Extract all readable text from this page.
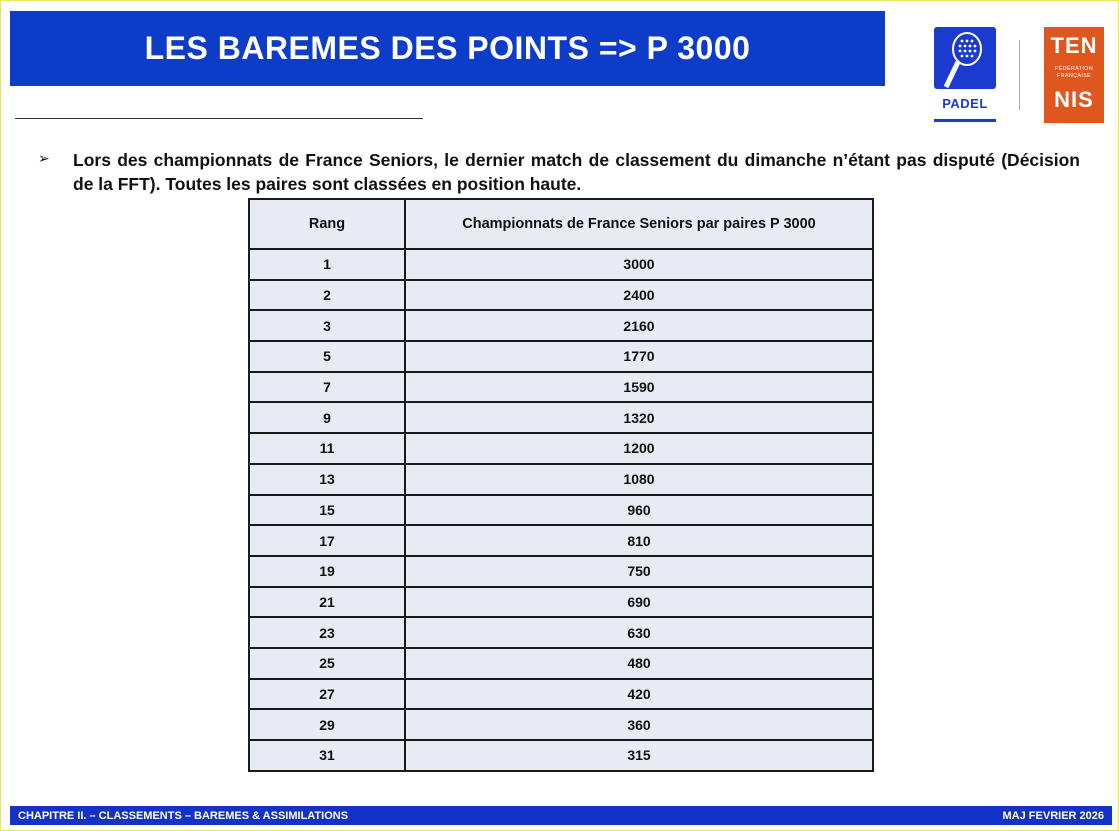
LES BAREMES DES POINTS => P 3000
PADEL
TEN
FÉDÉRATION
FRANÇAISE
NIS
➢	Lors des championnats de France Seniors, le dernier match de classement du dimanche n’étant pas disputé (Décision de la FFT). Toutes les paires sont classées en position haute.
Rang	Championnats de France Seniors par paires P 3000
1	3000
2	2400
3	2160
5	1770
7	1590
9	1320
11	1200
13	1080
15	960
17	810
19	750
21	690
23	630
25	480
27	420
29	360
31	315
CHAPITRE II. – CLASSEMENTS – BAREMES & ASSIMILATIONS	MAJ FEVRIER 2026
